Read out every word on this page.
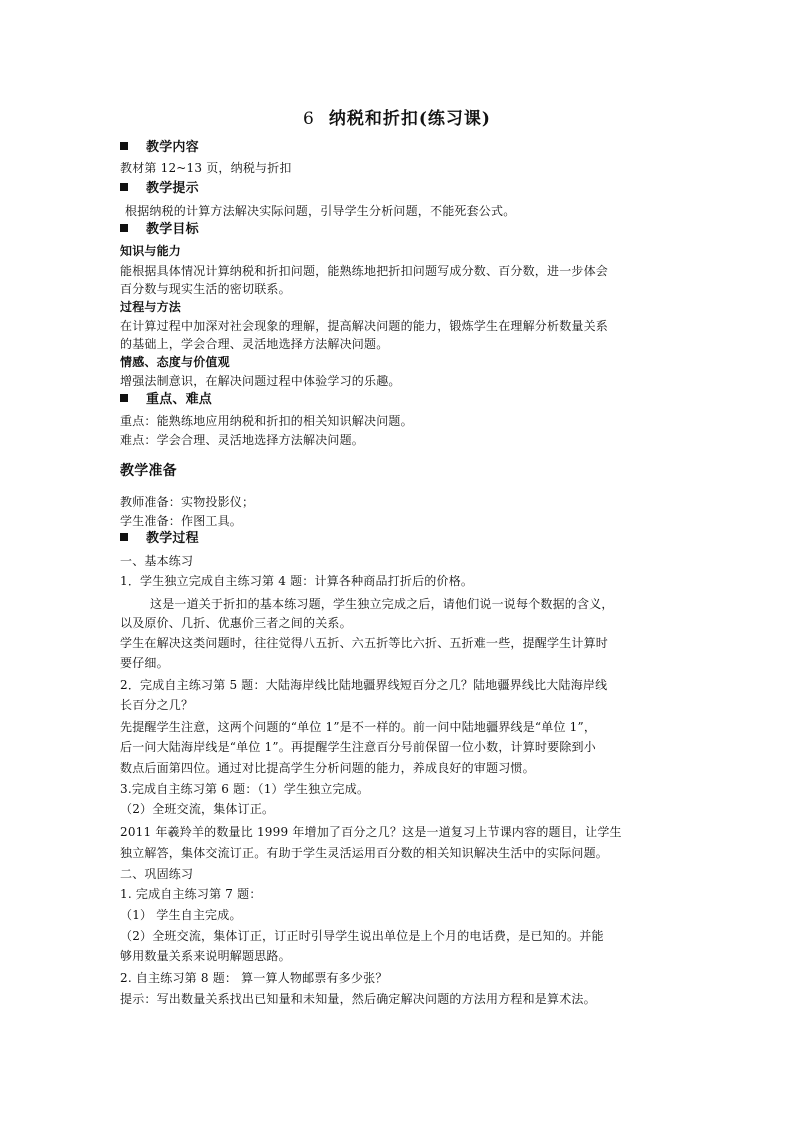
6 纳税和折扣(练习课)
教学内容
教材第 12~13 页，纳税与折扣
教学提示
根据纳税的计算方法解决实际问题，引导学生分析问题，不能死套公式。
教学目标
知识与能力
能根据具体情况计算纳税和折扣问题，能熟练地把折扣问题写成分数、百分数，进一步体会
百分数与现实生活的密切联系。
过程与方法
在计算过程中加深对社会现象的理解，提高解决问题的能力，锻炼学生在理解分析数量关系
的基础上，学会合理、灵活地选择方法解决问题。
情感、态度与价值观
增强法制意识，在解决问题过程中体验学习的乐趣。
重点、难点
重点：能熟练地应用纳税和折扣的相关知识解决问题。
难点：学会合理、灵活地选择方法解决问题。
教学准备
教师准备：实物投影仪；
学生准备：作图工具。
教学过程
一、基本练习
1．学生独立完成自主练习第 4 题：计算各种商品打折后的价格。
这是一道关于折扣的基本练习题，学生独立完成之后，请他们说一说每个数据的含义，
以及原价、几折、优惠价三者之间的关系。
学生在解决这类问题时，往往觉得八五折、六五折等比六折、五折难一些，提醒学生计算时
要仔细。
2．完成自主练习第 5 题：大陆海岸线比陆地疆界线短百分之几？陆地疆界线比大陆海岸线
长百分之几？
先提醒学生注意，这两个问题的“单位 1”是不一样的。前一问中陆地疆界线是“单位 1”，
后一问大陆海岸线是“单位 1”。再提醒学生注意百分号前保留一位小数，计算时要除到小
数点后面第四位。通过对比提高学生分析问题的能力，养成良好的审题习惯。
3.完成自主练习第 6 题：（1）学生独立完成。
（2）全班交流，集体订正。
2011 年羲羚羊的数量比 1999 年增加了百分之几？这是一道复习上节课内容的题目，让学生
独立解答，集体交流订正。有助于学生灵活运用百分数的相关知识解决生活中的实际问题。
二、巩固练习
1. 完成自主练习第 7 题：
（1） 学生自主完成。
（2）全班交流，集体订正，订正时引导学生说出单位是上个月的电话费，是已知的。并能
够用数量关系来说明解题思路。
2. 自主练习第 8 题： 算一算人物邮票有多少张？
提示：写出数量关系找出已知量和未知量，然后确定解决问题的方法用方程和是算术法。
